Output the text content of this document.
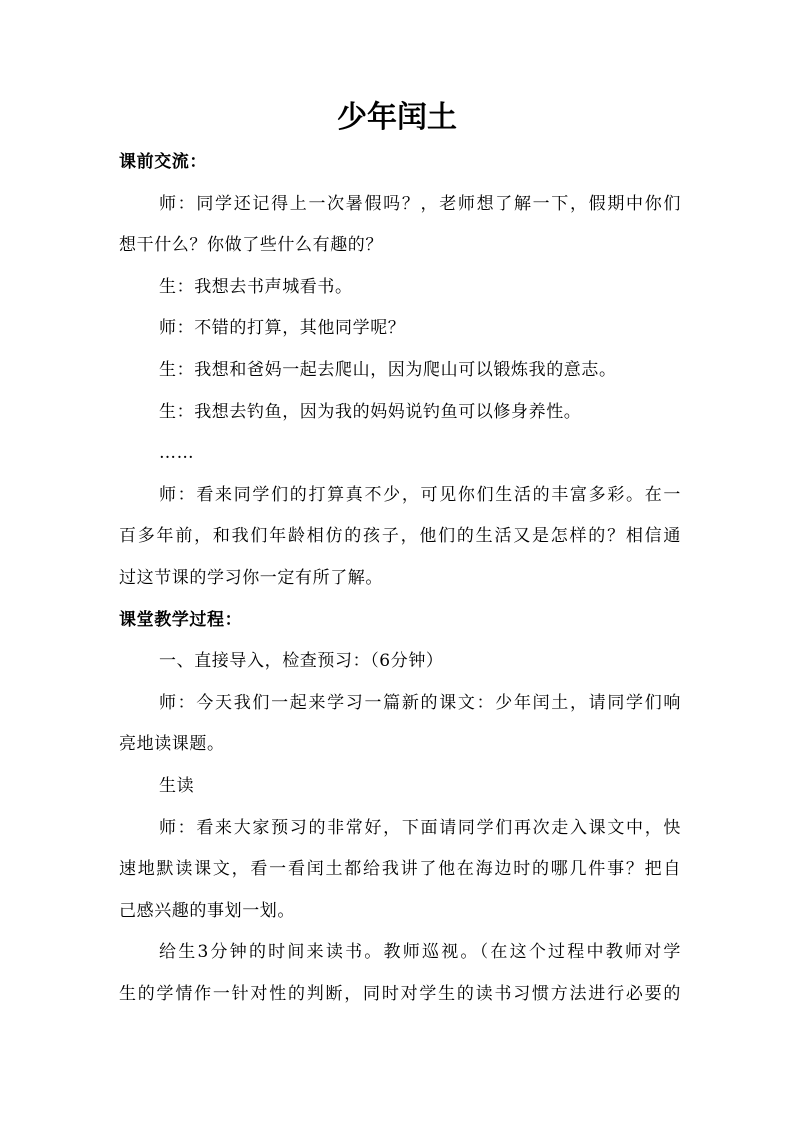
少年闰土
课前交流：
师：同学还记得上一次暑假吗？，老师想了解一下，假期中你们
想干什么？你做了些什么有趣的？
生：我想去书声城看书。
师：不错的打算，其他同学呢？
生：我想和爸妈一起去爬山，因为爬山可以锻炼我的意志。
生：我想去钓鱼，因为我的妈妈说钓鱼可以修身养性。
……
师：看来同学们的打算真不少，可见你们生活的丰富多彩。在一
百多年前，和我们年龄相仿的孩子，他们的生活又是怎样的？相信通
过这节课的学习你一定有所了解。
课堂教学过程：
一、直接导入，检查预习：（6分钟）
师：今天我们一起来学习一篇新的课文：少年闰土，请同学们响
亮地读课题。
生读
师：看来大家预习的非常好，下面请同学们再次走入课文中，快
速地默读课文，看一看闰土都给我讲了他在海边时的哪几件事？把自
己感兴趣的事划一划。
给生3分钟的时间来读书。教师巡视。（在这个过程中教师对学
生的学情作一针对性的判断，同时对学生的读书习惯方法进行必要的
